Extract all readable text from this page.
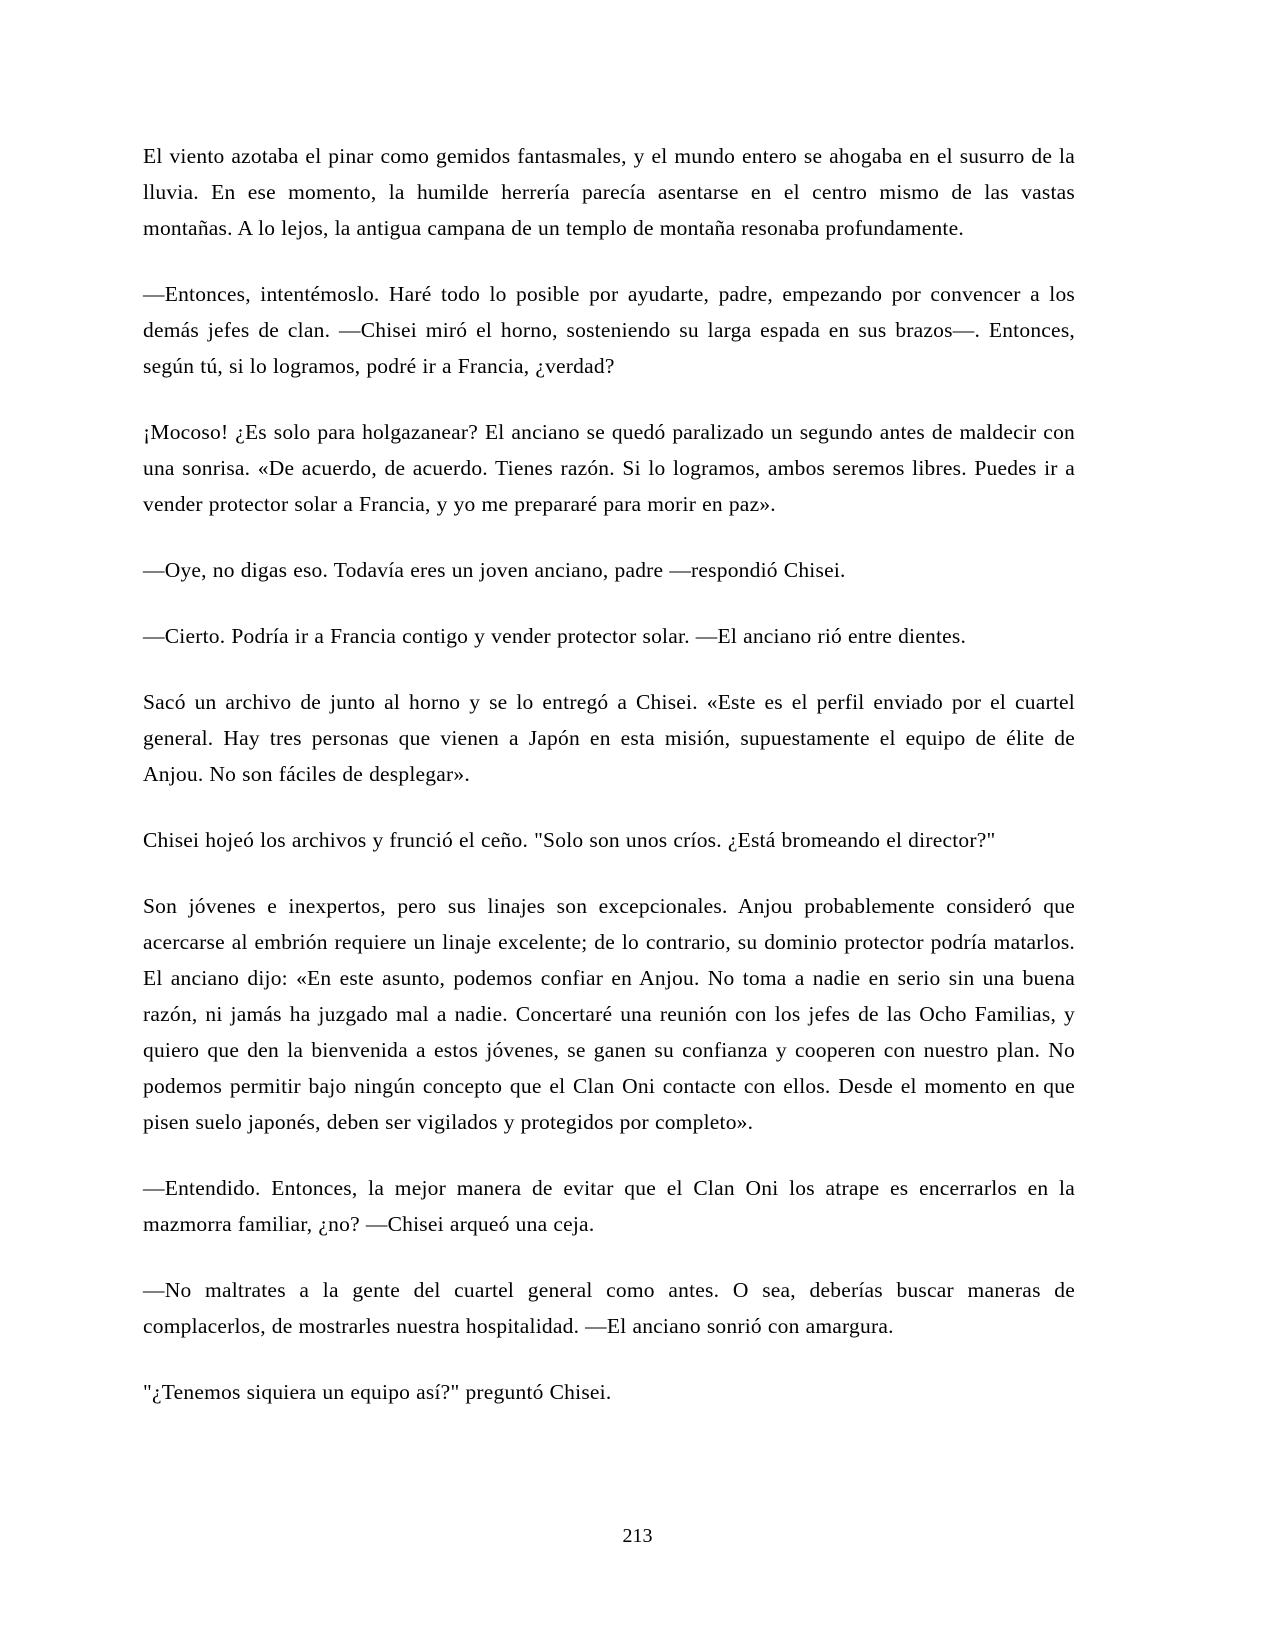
El viento azotaba el pinar como gemidos fantasmales, y el mundo entero se ahogaba en el susurro de la lluvia. En ese momento, la humilde herrería parecía asentarse en el centro mismo de las vastas montañas. A lo lejos, la antigua campana de un templo de montaña resonaba profundamente.

—Entonces, intentémoslo. Haré todo lo posible por ayudarte, padre, empezando por convencer a los demás jefes de clan. —Chisei miró el horno, sosteniendo su larga espada en sus brazos—. Entonces, según tú, si lo logramos, podré ir a Francia, ¿verdad?

¡Mocoso! ¿Es solo para holgazanear? El anciano se quedó paralizado un segundo antes de maldecir con una sonrisa. «De acuerdo, de acuerdo. Tienes razón. Si lo logramos, ambos seremos libres. Puedes ir a vender protector solar a Francia, y yo me prepararé para morir en paz».

—Oye, no digas eso. Todavía eres un joven anciano, padre —respondió Chisei.

—Cierto. Podría ir a Francia contigo y vender protector solar. —El anciano rió entre dientes.

Sacó un archivo de junto al horno y se lo entregó a Chisei. «Este es el perfil enviado por el cuartel general. Hay tres personas que vienen a Japón en esta misión, supuestamente el equipo de élite de Anjou. No son fáciles de desplegar».

Chisei hojeó los archivos y frunció el ceño. "Solo son unos críos. ¿Está bromeando el director?"

Son jóvenes e inexpertos, pero sus linajes son excepcionales. Anjou probablemente consideró que acercarse al embrión requiere un linaje excelente; de lo contrario, su dominio protector podría matarlos. El anciano dijo: «En este asunto, podemos confiar en Anjou. No toma a nadie en serio sin una buena razón, ni jamás ha juzgado mal a nadie. Concertaré una reunión con los jefes de las Ocho Familias, y quiero que den la bienvenida a estos jóvenes, se ganen su confianza y cooperen con nuestro plan. No podemos permitir bajo ningún concepto que el Clan Oni contacte con ellos. Desde el momento en que pisen suelo japonés, deben ser vigilados y protegidos por completo».

—Entendido. Entonces, la mejor manera de evitar que el Clan Oni los atrape es encerrarlos en la mazmorra familiar, ¿no? —Chisei arqueó una ceja.

—No maltrates a la gente del cuartel general como antes. O sea, deberías buscar maneras de complacerlos, de mostrarles nuestra hospitalidad. —El anciano sonrió con amargura.

"¿Tenemos siquiera un equipo así?" preguntó Chisei.

213
